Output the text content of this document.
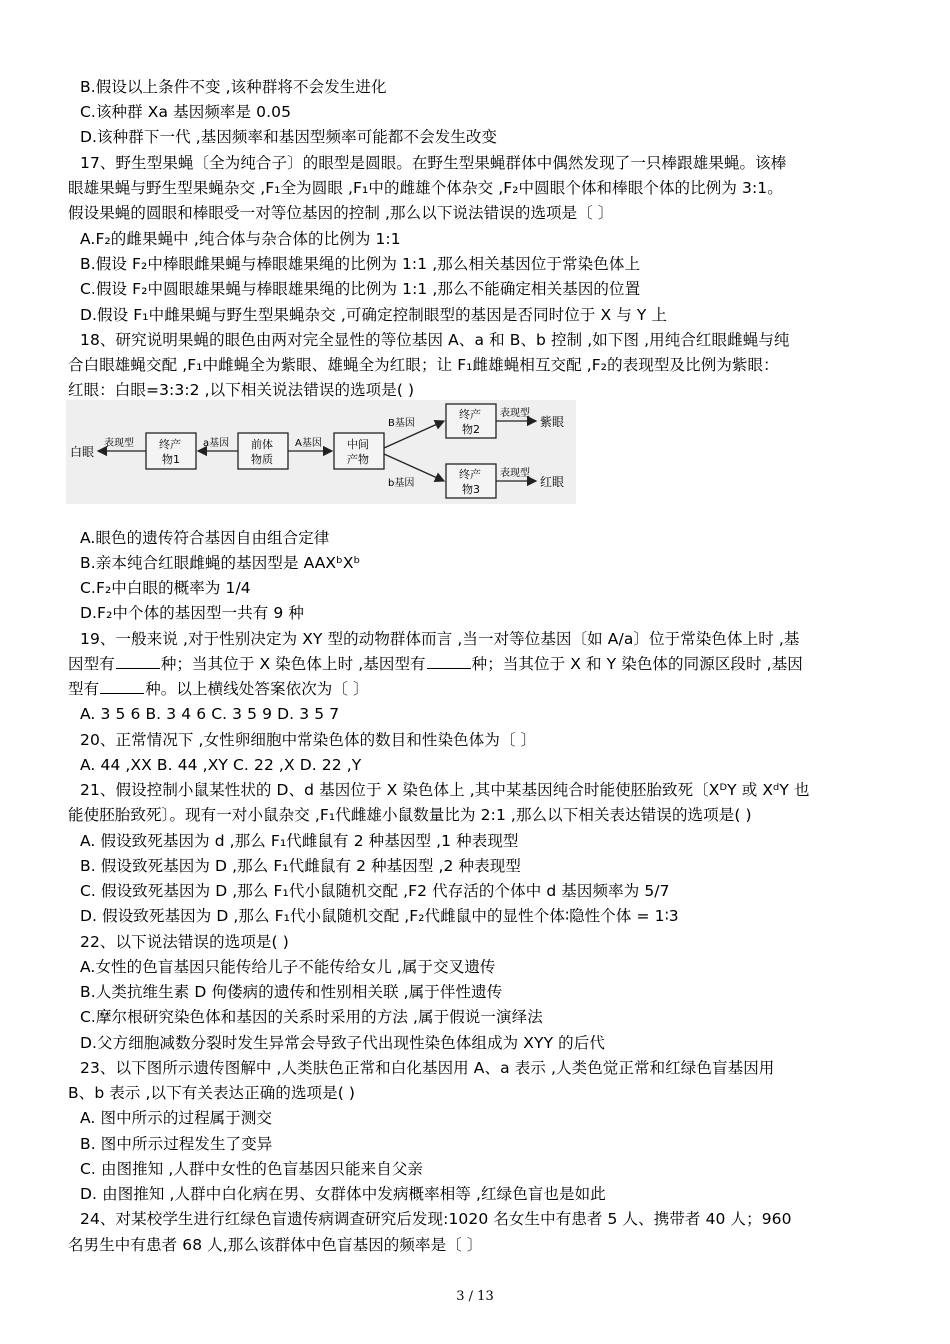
B.假设以上条件不变 ,该种群将不会发生进化
C.该种群 Xa 基因频率是 0.05
D.该种群下一代 ,基因频率和基因型频率可能都不会发生改变
17、野生型果蝇〔全为纯合子〕的眼型是圆眼。在野生型果蝇群体中偶然发现了一只棒跟雄果蝇。该棒
眼雄果蝇与野生型果蝇杂交 ,F₁全为圆眼 ,F₁中的雌雄个体杂交 ,F₂中圆眼个体和棒眼个体的比例为 3:1。
假设果蝇的圆眼和棒眼受一对等位基因的控制 ,那么以下说法错误的选项是〔 〕
A.F₂的雌果蝇中 ,纯合体与杂合体的比例为 1:1
B.假设 F₂中棒眼雌果蝇与棒眼雄果绳的比例为 1:1 ,那么相关基因位于常染色体上
C.假设 F₂中圆眼雄果蝇与棒眼雄果绳的比例为 1:1 ,那么不能确定相关基因的位置
D.假设 F₁中雌果蝇与野生型果蝇杂交 ,可确定控制眼型的基因是否同时位于 X 与 Y 上
18、研究说明果蝇的眼色由两对完全显性的等位基因 A、a 和 B、b 控制 ,如下图 ,用纯合红眼雌蝇与纯
合白眼雄蝇交配 ,F₁中雌蝇全为紫眼、雄蝇全为红眼；让 F₁雌雄蝇相互交配 ,F₂的表现型及比例为紫眼：
红眼：白眼=3:3:2 ,以下相关说法错误的选项是( )
白眼
表现型 终产
物1
a基因 前体
物质
A基因 中间
产物
B基因
b基因
终产
物2
终产
物3
表现型
表现型
紫眼
红眼
A.眼色的遗传符合基因自由组合定律
B.亲本纯合红眼雌蝇的基因型是 AAXᵇXᵇ
C.F₂中白眼的概率为 1/4
D.F₂中个体的基因型一共有 9 种
19、一般来说 ,对于性别决定为 XY 型的动物群体而言 ,当一对等位基因〔如 A/a〕位于常染色体上时 ,基
因型有	种；当其位于 X 染色体上时 ,基因型有	种；当其位于 X 和 Y 染色体的同源区段时 ,基因
型有	种。以上横线处答案依次为〔 〕
A. 3 5 6 B. 3 4 6 C. 3 5 9 D. 3 5 7
20、正常情况下 ,女性卵细胞中常染色体的数目和性染色体为〔 〕
A. 44 ,XX B. 44 ,XY C. 22 ,X D. 22 ,Y
21、假设控制小鼠某性状的 D、d 基因位于 X 染色体上 ,其中某基因纯合时能使胚胎致死〔XᴰY 或 XᵈY 也
能使胚胎致死〕。现有一对小鼠杂交 ,F₁代雌雄小鼠数量比为 2:1 ,那么以下相关表达错误的选项是( )
A. 假设致死基因为 d ,那么 F₁代雌鼠有 2 种基因型 ,1 种表现型
B. 假设致死基因为 D ,那么 F₁代雌鼠有 2 种基因型 ,2 种表现型
C. 假设致死基因为 D ,那么 F₁代小鼠随机交配 ,F2 代存活的个体中 d 基因频率为 5/7
D. 假设致死基因为 D ,那么 F₁代小鼠随机交配 ,F₂代雌鼠中的显性个体∶隐性个体 = 1∶3
22、以下说法错误的选项是( )
A.女性的色盲基因只能传给儿子不能传给女儿 ,属于交叉遗传
B.人类抗维生素 D 佝偻病的遗传和性别相关联 ,属于伴性遗传
C.摩尔根研究染色体和基因的关系时采用的方法 ,属于假说一演绎法
D.父方细胞减数分裂时发生异常会导致子代出现性染色体组成为 XYY 的后代
23、以下图所示遗传图解中 ,人类肤色正常和白化基因用 A、a 表示 ,人类色觉正常和红绿色盲基因用
B、b 表示 ,以下有关表达正确的选项是( )
A. 图中所示的过程属于测交
B. 图中所示过程发生了变异
C. 由图推知 ,人群中女性的色盲基因只能来自父亲
D. 由图推知 ,人群中白化病在男、女群体中发病概率相等 ,红绿色盲也是如此
24、对某校学生进行红绿色盲遗传病调查研究后发现:1020 名女生中有患者 5 人、携带者 40 人；960
名男生中有患者 68 人,那么该群体中色盲基因的频率是〔 〕
3 / 13
